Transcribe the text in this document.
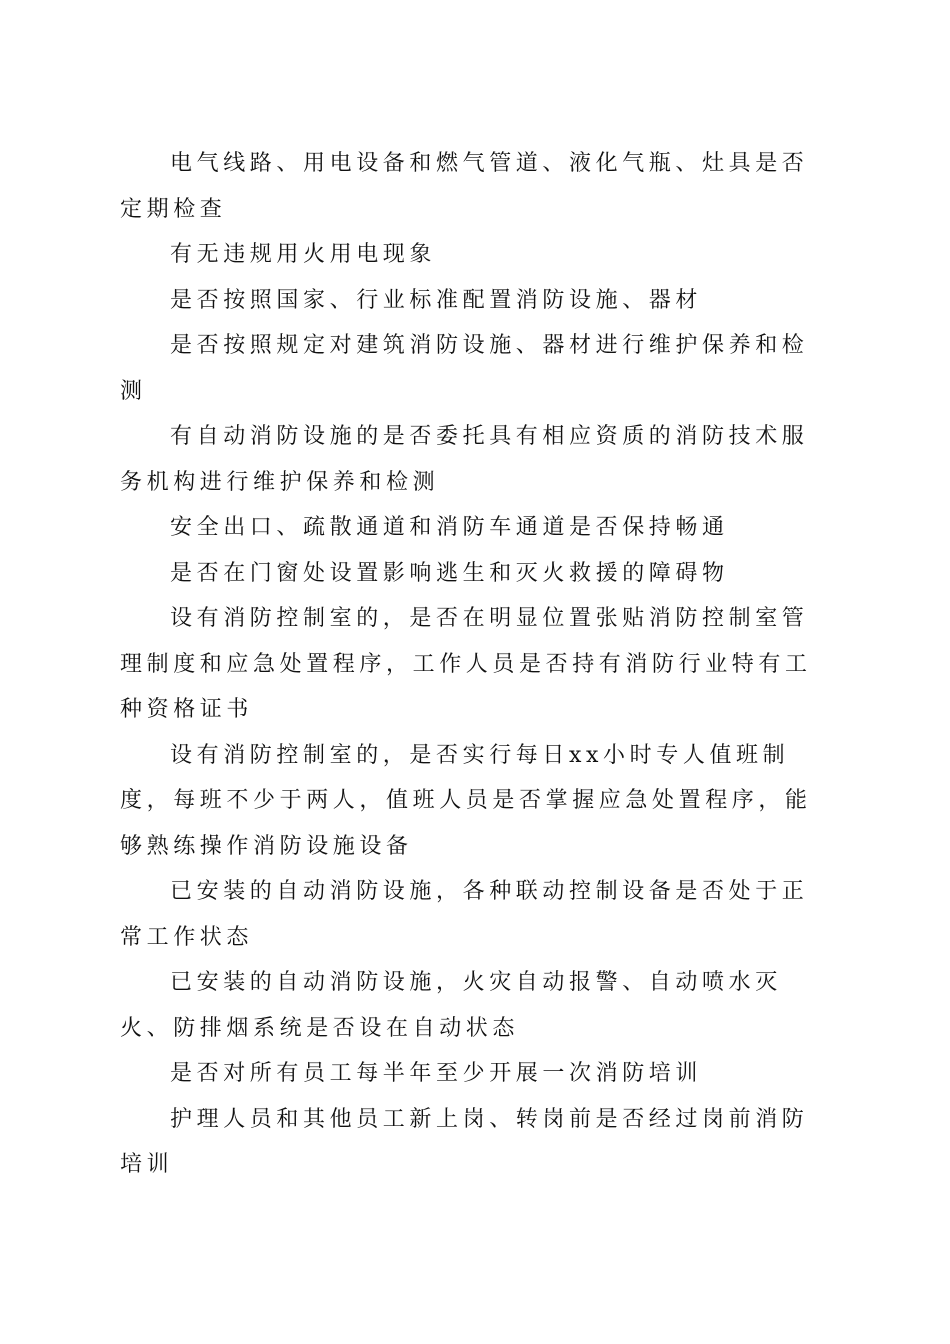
电气线路、用电设备和燃气管道、液化气瓶、灶具是否定期检查

有无违规用火用电现象

是否按照国家、行业标准配置消防设施、器材

是否按照规定对建筑消防设施、器材进行维护保养和检测

有自动消防设施的是否委托具有相应资质的消防技术服务机构进行维护保养和检测

安全出口、疏散通道和消防车通道是否保持畅通

是否在门窗处设置影响逃生和灭火救援的障碍物

设有消防控制室的，是否在明显位置张贴消防控制室管理制度和应急处置程序，工作人员是否持有消防行业特有工种资格证书

设有消防控制室的，是否实行每日xx小时专人值班制度，每班不少于两人，值班人员是否掌握应急处置程序，能够熟练操作消防设施设备

已安装的自动消防设施，各种联动控制设备是否处于正常工作状态

已安装的自动消防设施，火灾自动报警、自动喷水灭火、防排烟系统是否设在自动状态

是否对所有员工每半年至少开展一次消防培训

护理人员和其他员工新上岗、转岗前是否经过岗前消防培训
